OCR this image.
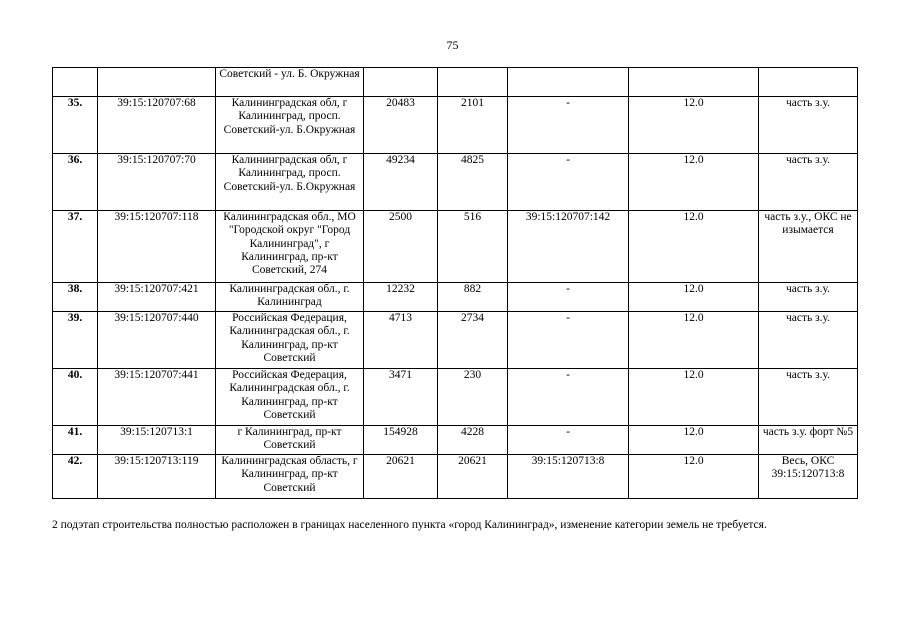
75
		Советский - ул. Б. Окружная					
35.	39:15:120707:68	Калининградская обл, г Калининград, просп. Советский-ул. Б.Окружная	20483	2101	-	12.0	часть з.у.
36.	39:15:120707:70	Калининградская обл, г Калининград, просп. Советский-ул. Б.Окружная	49234	4825	-	12.0	часть з.у.
37.	39:15:120707:118	Калининградская обл., МО "Городской округ "Город Калининград", г Калининград, пр-кт Советский, 274	2500	516	39:15:120707:142	12.0	часть з.у., ОКС не изымается
38.	39:15:120707:421	Калининградская обл., г. Калининград	12232	882	-	12.0	часть з.у.
39.	39:15:120707:440	Российская Федерация, Калининградская обл., г. Калининград, пр-кт Советский	4713	2734	-	12.0	часть з.у.
40.	39:15:120707:441	Российская Федерация, Калининградская обл., г. Калининград, пр-кт Советский	3471	230	-	12.0	часть з.у.
41.	39:15:120713:1	г Калининград, пр-кт Советский	154928	4228	-	12.0	часть з.у. форт №5
42.	39:15:120713:119	Калининградская область, г Калининград, пр-кт Советский	20621	20621	39:15:120713:8	12.0	Весь, ОКС 39:15:120713:8
2 подэтап строительства полностью расположен в границах населенного пункта «город Калининград», изменение категории земель не требуется.
